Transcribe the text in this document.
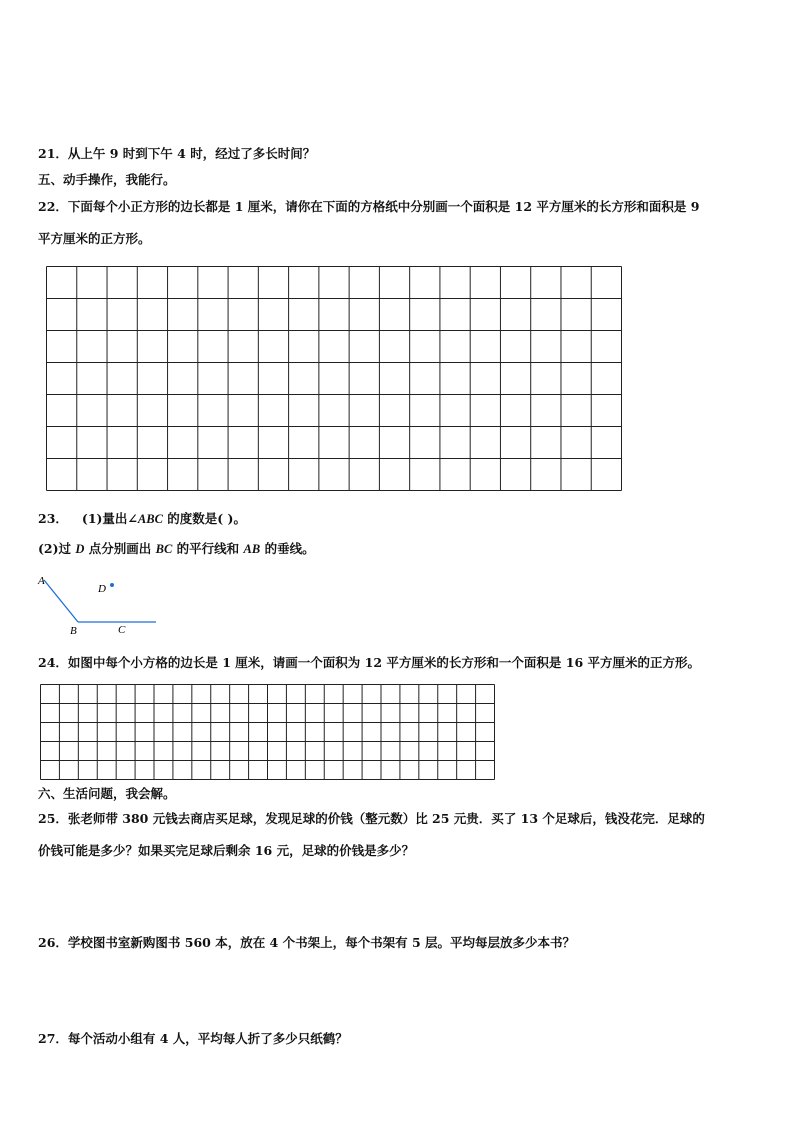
21．从上午 9 时到下午 4 时，经过了多长时间？
五、动手操作，我能行。
22．下面每个小正方形的边长都是 1 厘米，请你在下面的方格纸中分别画一个面积是 12 平方厘米的长方形和面积是 9
平方厘米的正方形。
23． (1)量出∠ABC 的度数是( )。
(2)过 D 点分别画出 BC 的平行线和 AB 的垂线。
A
B	C
D
24．如图中每个小方格的边长是 1 厘米，请画一个面积为 12 平方厘米的长方形和一个面积是 16 平方厘米的正方形。
六、生活问题，我会解。
25．张老师带 380 元钱去商店买足球，发现足球的价钱（整元数）比 25 元贵．买了 13 个足球后，钱没花完．足球的
价钱可能是多少？如果买完足球后剩余 16 元，足球的价钱是多少？
26．学校图书室新购图书 560 本，放在 4 个书架上，每个书架有 5 层。平均每层放多少本书？
27．每个活动小组有 4 人，平均每人折了多少只纸鹤？
